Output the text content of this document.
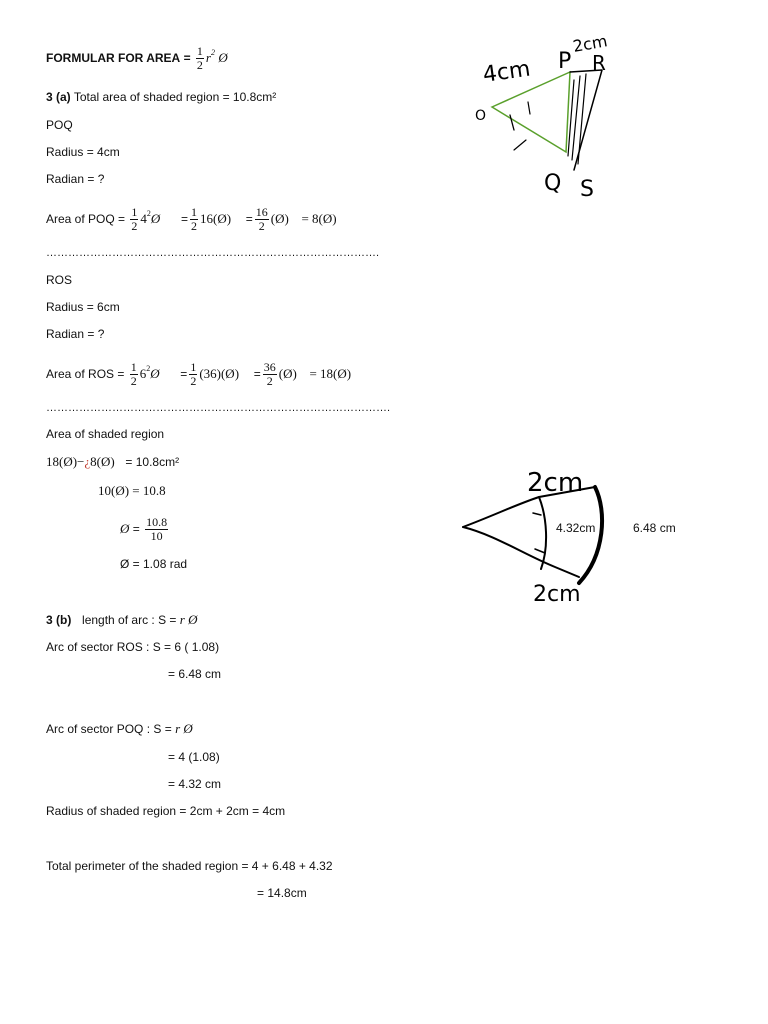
FORMULAR FOR AREA = $\frac{1}{2} r^2$ Ø
3 (a) Total area of shaded region = 10.8cm²
POQ
Radius = 4cm
Radian = ?
Area of POQ = $\frac{1}{2}$ $4^2Ø = \frac{1}{2}$ 16(Ø) = $\frac{16}{2}$ (Ø) = 8(Ø)
……………………………………………………………………………….
ROS
Radius = 6cm
Radian = ?
Area of ROS = $\frac{1}{2}$ $6^2Ø = \frac{1}{2}$ (36)(Ø) = $\frac{36}{2}$ (Ø) = 18(Ø)
………………………………………………………………………………….
Area of shaded region
18(Ø)−¿8(Ø) = 10.8cm²
10(Ø) = 10.8
Ø = $\frac{10.8}{10}$
Ø = 1.08 rad
3 (b) length of arc : S = r Ø
Arc of sector ROS : S = 6 ( 1.08)
= 6.48 cm
Arc of sector POQ : S = r Ø
= 4 (1.08)
= 4.32 cm
Radius of shaded region = 2cm + 2cm = 4cm
Total perimeter of the shaded region = 4 + 6.48 + 4.32
= 14.8cm
4cm
2cm
O
P R
Q S
2cm
2cm
4.32cm	6.48 cm
